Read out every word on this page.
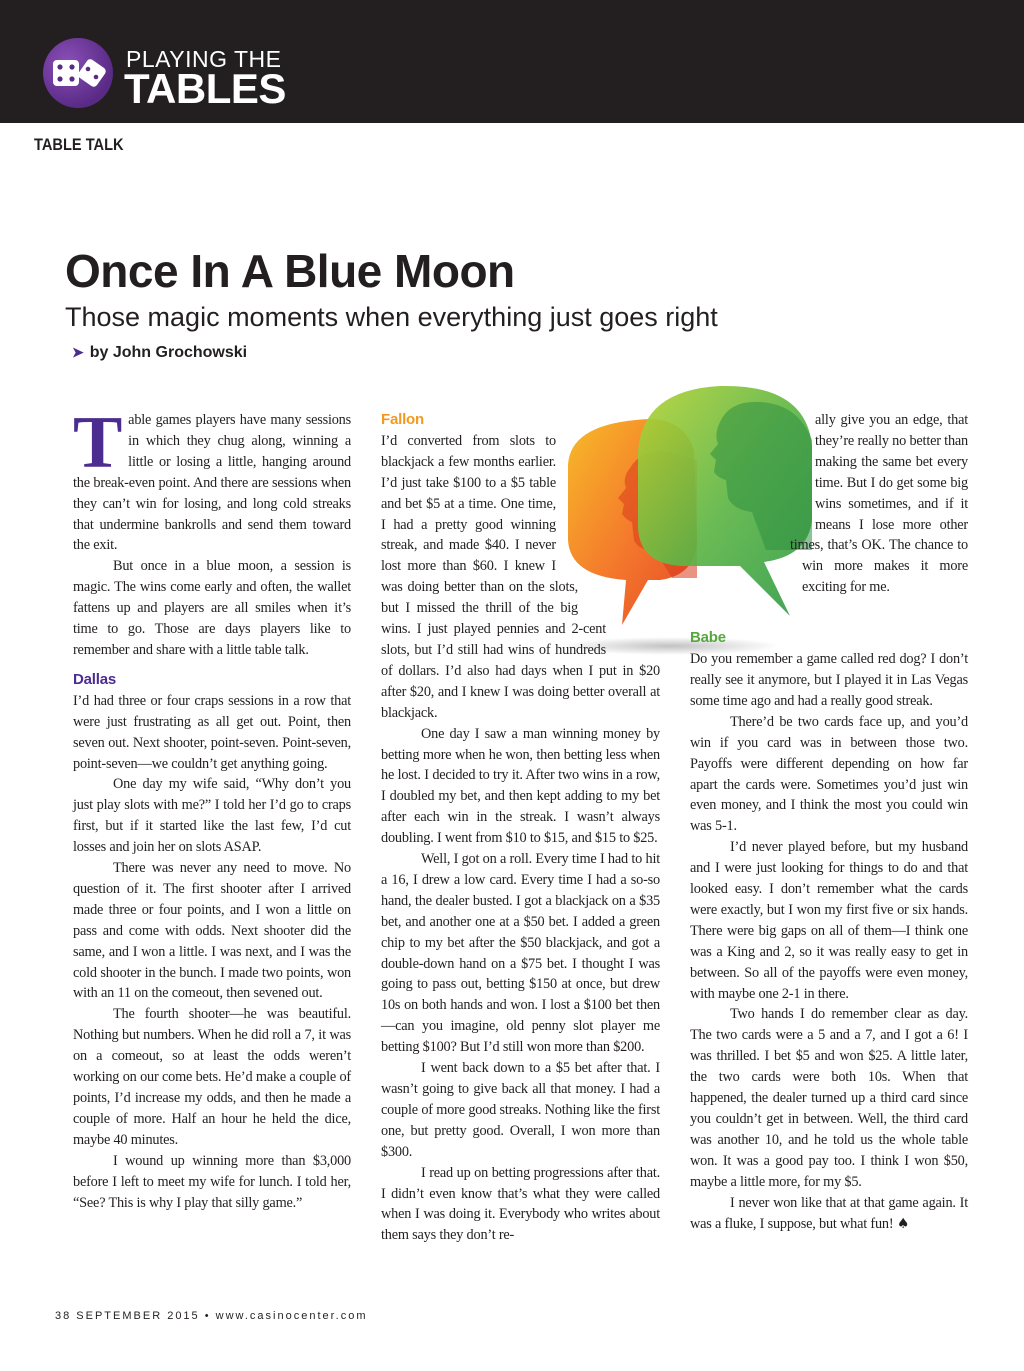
PLAYING THE
TABLES
TABLE TALK
Once In A Blue Moon
Those magic moments when everything just goes right
➤ by John Grochowski

Table games players have many sessions in which they chug along, winning a little or losing a little, hanging around the break-even point. And there are sessions when they can’t win for losing, and long cold streaks that undermine bankrolls and send them toward the exit.

But once in a blue moon, a session is magic. The wins come early and often, the wallet fattens up and players are all smiles when it’s time to go. Those are days players like to remember and share with a little table talk.

Dallas

I’d had three or four craps sessions in a row that were just frustrating as all get out. Point, then seven out. Next shooter, point-seven. Point-seven, point-seven—we couldn’t get anything going.

One day my wife said, “Why don’t you just play slots with me?” I told her I’d go to craps first, but if it started like the last few, I’d cut losses and join her on slots ASAP.

There was never any need to move. No question of it. The first shooter after I arrived made three or four points, and I won a little on pass and come with odds. Next shooter did the same, and I won a little. I was next, and I was the cold shooter in the bunch. I made two points, won with an 11 on the comeout, then sevened out.

The fourth shooter—he was beautiful. Nothing but numbers. When he did roll a 7, it was on a comeout, so at least the odds weren’t working on our come bets. He’d make a couple of points, I’d increase my odds, and then he made a couple of more. Half an hour he held the dice, maybe 40 minutes.

I wound up winning more than $3,000 before I left to meet my wife for lunch. I told her, “See? This is why I play that silly game.”

Fallon

I’d converted from slots to blackjack a few months earlier. I’d just take $100 to a $5 table and bet $5 at a time. One time, I had a pretty good winning streak, and made $40. I never lost more than $60. I knew I was doing better than on the slots, but I missed the thrill of the big wins. I just played pennies and 2-cent slots, but I’d still had wins of hundreds of dollars. I’d also had days when I put in $20 after $20, and I knew I was doing better overall at blackjack.

One day I saw a man winning money by betting more when he won, then betting less when he lost. I decided to try it. After two wins in a row, I doubled my bet, and then kept adding to my bet after each win in the streak. I wasn’t always doubling. I went from $10 to $15, and $15 to $25.

Well, I got on a roll. Every time I had to hit a 16, I drew a low card. Every time I had a so-so hand, the dealer busted. I got a blackjack on a $35 bet, and another one at a $50 bet. I added a green chip to my bet after the $50 blackjack, and got a double-down hand on a $75 bet. I thought I was going to pass out, betting $150 at once, but drew 10s on both hands and won. I lost a $100 bet then—can you imagine, old penny slot player me betting $100? But I’d still won more than $200.

I went back down to a $5 bet after that. I wasn’t going to give back all that money. I had a couple of more good streaks. Nothing like the first one, but pretty good. Overall, I won more than $300.

I read up on betting progressions after that. I didn’t even know that’s what they were called when I was doing it. Everybody who writes about them says they don’t re-

ally give you an edge, that they’re really no better than making the same bet every time. But I do get some big wins sometimes, and if it means I lose more other times, that’s OK. The chance to win more makes it more exciting for me.

Babe

Do you remember a game called red dog? I don’t really see it anymore, but I played it in Las Vegas some time ago and had a really good streak.

There’d be two cards face up, and you’d win if you card was in between those two. Payoffs were different depending on how far apart the cards were. Sometimes you’d just win even money, and I think the most you could win was 5-1.

I’d never played before, but my husband and I were just looking for things to do and that looked easy. I don’t remember what the cards were exactly, but I won my first five or six hands. There were big gaps on all of them—I think one was a King and 2, so it was really easy to get in between. So all of the payoffs were even money, with maybe one 2-1 in there.

Two hands I do remember clear as day. The two cards were a 5 and a 7, and I got a 6! I was thrilled. I bet $5 and won $25. A little later, the two cards were both 10s. When that happened, the dealer turned up a third card since you couldn’t get in between. Well, the third card was another 10, and he told us the whole table won. It was a good pay too. I think I won $50, maybe a little more, for my $5.

I never won like that at that game again. It was a fluke, I suppose, but what fun! ♠

38 SEPTEMBER 2015 • www.casinocenter.com
